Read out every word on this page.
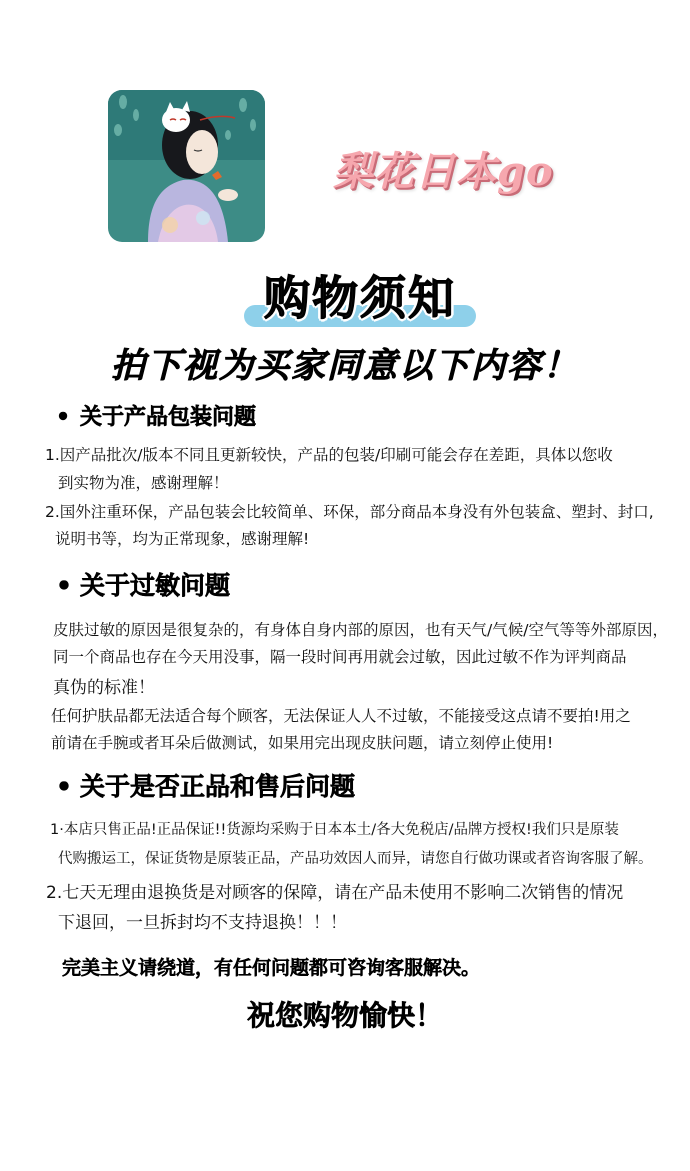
梨花日本go
购物须知
拍下视为买家同意以下内容！
• 关于产品包装问题
1.因产品批次/版本不同且更新较快，产品的包装/印刷可能会存在差距，具体以您收
到实物为准，感谢理解！
2.国外注重环保，产品包装会比较简单、环保，部分商品本身没有外包装盒、塑封、封口,
说明书等，均为正常现象，感谢理解!
• 关于过敏问题
皮肤过敏的原因是很复杂的，有身体自身内部的原因，也有天气/气候/空气等等外部原因，
同一个商品也存在今天用没事，隔一段时间再用就会过敏，因此过敏不作为评判商品
真伪的标准！
任何护肤品都无法适合每个顾客，无法保证人人不过敏，不能接受这点请不要拍!用之
前请在手腕或者耳朵后做测试，如果用完出现皮肤问题，请立刻停止使用!
• 关于是否正品和售后问题
1·本店只售正品!正品保证!!货源均采购于日本本土/各大免税店/品牌方授权!我们只是原装
代购搬运工，保证货物是原装正品，产品功效因人而异，请您自行做功课或者咨询客服了解。
2.七天无理由退换货是对顾客的保障，请在产品未使用不影响二次销售的情况
下退回，一旦拆封均不支持退换！！！
完美主义请绕道，有任何问题都可咨询客服解决。
祝您购物愉快！
